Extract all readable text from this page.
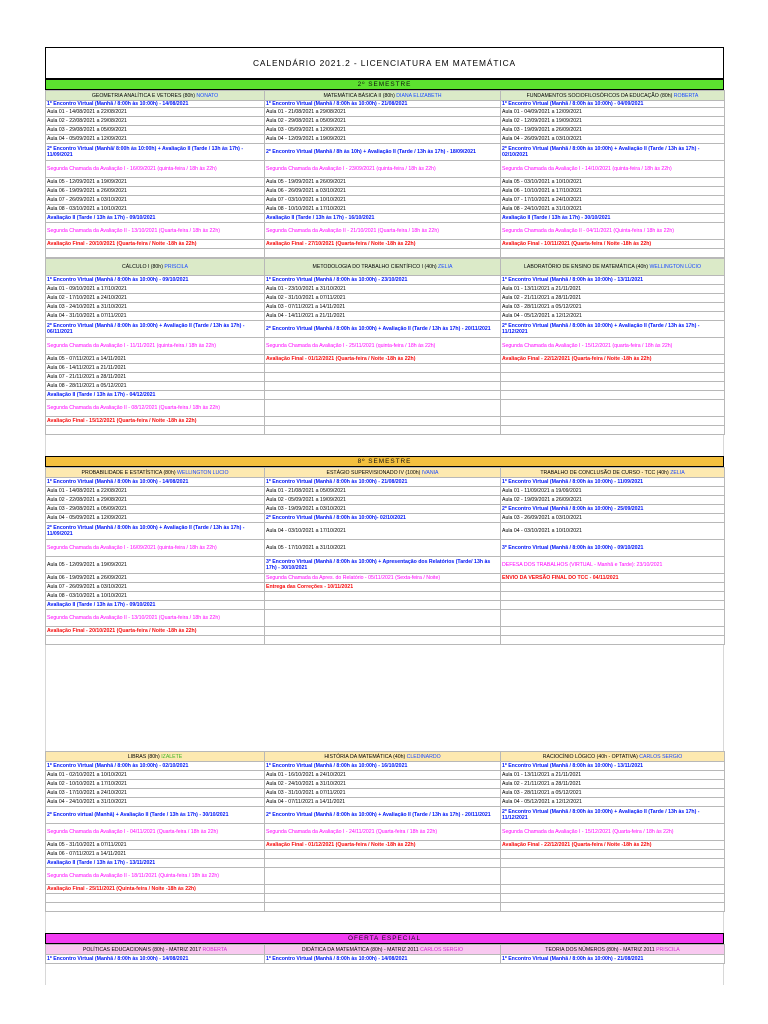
CALENDÁRIO 2021.2 - LICENCIATURA EM MATEMÁTICA
2º SEMESTRE
GEOMETRIA ANALÍTICA E VETORES (80h) NONATO	MATEMÁTICA BÁSICA II (80h) DIANA ELIZABETH	FUNDAMENTOS SOCIOFILOSÓFICOS DA EDUCAÇÃO (80h) ROBERTA
1º Encontro Virtual (Manhã / 8:00h às 10:00h) - 14/08/2021	1º Encontro Virtual (Manhã / 8:00h às 10:00h) - 21/08/2021	1º Encontro Virtual (Manhã / 8:00h às 10:00h) - 04/09/2021
Aula 01 - 14/08/2021 a 22/08/2021	Aula 01 - 21/08/2021 a 29/08/2021	Aula 01 - 04/09/2021 a 12/09/2021
Aula 02 - 22/08/2021 a 29/08/2021	Aula 02 - 29/08/2021 a 05/09/2021	Aula 02 - 12/09/2021 a 19/09/2021
Aula 03 - 29/08/2021 a 05/09/2021	Aula 03 - 05/09/2021 a 12/09/2021	Aula 03 - 19/09/2021 a 26/09/2021
Aula 04 - 05/09/2021 a 12/09/2021	Aula 04 - 12/09/2021 a 19/09/2021	Aula 04 - 26/09/2021 a 03/10/2021
2º Encontro Virtual (Manhã/ 8:00h às 10:00h) + Avaliação II (Tarde / 13h às 17h) - 11/09/2021	2º Encontro Virtual (Manhã / 8h às 10h) + Avaliação II (Tarde / 13h às 17h) - 18/09/2021	2º Encontro Virtual (Manhã / 8:00h às 10:00h) + Avaliação II (Tarde / 13h às 17h) - 02/10/2021
Segunda Chamada da Avaliação I - 16/09/2021 (quinta-feira / 18h às 22h)	Segunda Chamada da Avaliação I - 23/09/2021 (quinta-feira / 18h às 22h)	Segunda Chamada da Avaliação I - 14/10/2021 (quinta-feira / 18h às 22h)
Aula 05 - 12/09/2021 a 19/09/2021	Aula 05 - 19/09/2021 a 26/09/2021	Aula 05 - 03/10/2021 a 10/10/2021
Aula 06 - 19/09/2021 a 26/09/2021	Aula 06 - 26/09/2021 a 03/10/2021	Aula 06 - 10/10/2021 a 17/10/2021
Aula 07 - 26/09/2021 a 03/10/2021	Aula 07 - 03/10/2021 a 10/10/2021	Aula 07 - 17/10/2021 a 24/10/2021
Aula 08 - 03/10/2021 a 10/10/2021	Aula 08 - 10/10/2021 a 17/10/2021	Aula 08 - 24/10/2021 a 31/10/2021
Avaliação II (Tarde / 13h às 17h) - 09/10/2021	Avaliação II (Tarde / 13h às 17h) - 16/10/2021	Avaliação II (Tarde / 13h às 17h) - 30/10/2021
Segunda Chamada da Avaliação II - 13/10/2021 (Quarta-feira / 18h às 22h)	Segunda Chamada da Avaliação II - 21/10/2021 (Quarta-feira / 18h às 22h)	Segunda Chamada da Avaliação II - 04/11/2021 (Quinta-feira / 18h às 22h)
Avaliação Final - 20/10/2021 (Quarta-feira / Noite -18h às 22h)	Avaliação Final - 27/10/2021 (Quarta-feira / Noite -18h às 22h)	Avaliação Final - 10/11/2021 (Quarta-feira / Noite -18h às 22h)

CÁLCULO I (80h) PRISCILA	METODOLOGIA DO TRABALHO CIENTÍFICO I (40h) ZELIA	LABORATÓRIO DE ENSINO DE MATEMÁTICA (40h) WELLINGTON LÚCIO
1º Encontro Virtual (Manhã / 8:00h às 10:00h) - 09/10/2021	1º Encontro Virtual (Manhã / 8:00h às 10:00h) - 23/10/2021	1º Encontro Virtual (Manhã / 8:00h às 10:00h) - 13/11/2021
Aula 01 - 09/10/2021 a 17/10/2021	Aula 01 - 23/10/2021 a 31/10/2021	Aula 01 - 13/11/2021 a 21/11/2021
Aula 02 - 17/10/2021 a 24/10/2021	Aula 02 - 31/10/2021 a 07/11/2021	Aula 02 - 21/11/2021 a 28/11/2021
Aula 03 - 24/10/2021 a 31/10/2021	Aula 03 - 07/11/2021 a 14/11/2021	Aula 03 - 28/11/2021 a 05/12/2021
Aula 04 - 31/10/2021 a 07/11/2021	Aula 04 - 14/11/2021 a 21/11/2021	Aula 04 - 05/12/2021 a 12/12/2021
2º Encontro Virtual (Manhã / 8:00h às 10:00h) + Avaliação II (Tarde / 13h às 17h) - 06/11/2021	2º Encontro Virtual (Manhã / 8:00h às 10:00h) + Avaliação II (Tarde / 13h às 17h) - 20/11/2021	2º Encontro Virtual (Manhã / 8:00h às 10:00h) + Avaliação II (Tarde / 13h às 17h) - 11/12/2021
Segunda Chamada da Avaliação I - 11/11/2021 (quinta-feira / 18h às 22h)	Segunda Chamada da Avaliação I - 25/11/2021 (quinta-feira / 18h às 22h)	Segunda Chamada da Avaliação I - 15/12/2021 (quarta-feira / 18h às 22h)
Aula 05 - 07/11/2021 a 14/11/2021	Avaliação Final - 01/12/2021 (Quarta-feira / Noite -18h às 22h)	Avaliação Final - 22/12/2021 (Quarta-feira / Noite -18h às 22h)
Aula 06 - 14/11/2021 a 21/11/2021		
Aula 07 - 21/11/2021 a 28/11/2021		
Aula 08 - 28/11/2021 a 05/12/2021		
Avaliação II (Tarde / 13h às 17h) - 04/12/2021		
Segunda Chamada da Avaliação II - 08/12/2021 (Quarta-feira / 18h às 22h)		
Avaliação Final - 15/12/2021 (Quarta-feira / Noite -18h às 22h)		

8º SEMESTRE
PROBABILIDADE E ESTATÍSTICA (80h) WELLINGTON LUCIO	ESTÁGIO SUPERVISIONADO IV (100h) IVANIA	TRABALHO DE CONCLUSÃO DE CURSO - TCC (40h) ZELIA
1º Encontro Virtual (Manhã / 8:00h às 10:00h) - 14/08/2021	1º Encontro Virtual (Manhã / 8:00h às 10:00h) - 21/08/2021	1º Encontro Virtual (Manhã / 8:00h às 10:00h) - 11/09/2021
Aula 01 - 14/08/2021 a 22/08/2021	Aula 01 - 21/08/2021 a 05/09/2021	Aula 01 - 11/09/2021 a 19/09/2021
Aula 02 - 22/08/2021 a 29/08/2021	Aula 02 - 05/09/2021 a 19/09/2021	Aula 02 - 19/09/2021 a 26/09/2021
Aula 03 - 29/08/2021 a 05/09/2021	Aula 03 - 19/09/2021 a 03/10/2021	2º Encontro Virtual (Manhã / 8:00h às 10:00h) - 25/09/2021
Aula 04 - 05/09/2021 a 12/09/2021	2º Encontro Virtual (Manhã / 8:00h às 10:00h)- 02/10/2021	Aula 03 - 26/09/2021 a 03/10/2021
2º Encontro Virtual (Manhã / 8:00h às 10:00h) + Avaliação II (Tarde / 13h às 17h) - 11/09/2021	Aula 04 - 03/10/2021 a 17/10/2021	Aula 04 - 03/10/2021 a 10/10/2021
Segunda Chamada da Avaliação I - 16/09/2021 (quinta-feira / 18h às 22h)	Aula 05 - 17/10/2021 a 31/10/2021	3º Encontro Virtual (Manhã / 8:00h às 10:00h) - 09/10/2021
Aula 05 - 12/09/2021 a 19/09/2021	3º Encontro Virtual (Manhã / 8:00h às 10:00h) + Apresentação dos Relatórios (Tarde/ 13h às 17h) - 30/10/2021	DEFESA DOS TRABALHOS (VIRTUAL - Manhã e Tarde): 23/10/2021
Aula 06 - 19/09/2021 a 26/09/2021	Segunda Chamada da Apres. do Relatório - 05/11/2021 (Sexta-feira / Noite)	ENVIO DA VERSÃO FINAL DO TCC - 04/11/2021
Aula 07 - 26/09/2021 a 03/10/2021	Entrega das Correções - 10/11/2021	
Aula 08 - 03/10/2021 a 10/10/2021		
Avaliação II (Tarde / 13h às 17h) - 09/10/2021		
Segunda Chamada da Avaliação II - 13/10/2021 (Quarta-feira / 18h às 22h)		
Avaliação Final - 20/10/2021 (Quarta-feira / Noite -18h às 22h)		

LIBRAS (80h) IZALETE	HISTÓRIA DA MATEMÁTICA (40h) CLEDINARDO	RACIOCÍNIO LÓGICO (40h - OPTATIVA) CARLOS SERGIO
1º Encontro Virtual (Manhã / 8:00h às 10:00h) - 02/10/2021	1º Encontro Virtual (Manhã / 8:00h às 10:00h) - 16/10/2021	1º Encontro Virtual (Manhã / 8:00h às 10:00h) - 13/11/2021
Aula 01 - 02/10/2021 a 10/10/2021	Aula 01 - 16/10/2021 a 24/10/2021	Aula 01 - 13/11/2021 a 21/11/2021
Aula 02 - 10/10/2021 a 17/10/2021	Aula 02 - 24/10/2021 a 31/10/2021	Aula 02 - 21/11/2021 a 28/11/2021
Aula 03 - 17/10/2021 a 24/10/2021	Aula 03 - 31/10/2021 a 07/11/2021	Aula 03 - 28/11/2021 a 05/12/2021
Aula 04 - 24/10/2021 a 31/10/2021	Aula 04 - 07/11/2021 a 14/11/2021	Aula 04 - 05/12/2021 a 12/12/2021
2º Encontro virtual (Manhã) + Avaliação II (Tarde / 13h às 17h) - 30/10/2021	2º Encontro Virtual (Manhã / 8:00h às 10:00h) + Avaliação II (Tarde / 13h às 17h) - 20/11/2021	2º Encontro Virtual (Manhã / 8:00h às 10:00h) + Avaliação II (Tarde / 13h às 17h) - 11/12/2021
Segunda Chamada da Avaliação I - 04/11/2021 (Quarta-feira / 18h às 22h)	Segunda Chamada da Avaliação I - 24/11/2021 (Quarta-feira / 18h às 22h)	Segunda Chamada da Avaliação I - 15/12/2021 (Quarta-feira / 18h às 22h)
Aula 05 - 31/10/2021 a 07/11/2021	Avaliação Final - 01/12/2021 (Quarta-feira / Noite -18h às 22h)	Avaliação Final - 22/12/2021 (Quarta-feira / Noite -18h às 22h)
Aula 06 - 07/11/2021 a 14/11/2021		
Avaliação II (Tarde / 13h às 17h) - 13/11/2021		
Segunda Chamada da Avaliação II - 18/11/2021 (Quinta-feira / 18h às 22h)		
Avaliação Final - 25/11/2021 (Quinta-feira / Noite -18h às 22h)		

OFERTA ESPECIAL
POLÍTICAS EDUCACIONAIS (80h) - MATRIZ 2017 ROBERTA	DIDÁTICA DA MATEMÁTICA (80h) - MATRIZ 2011 CARLOS SERGIO	TEORIA DOS NÚMEROS (80h) - MATRIZ 2011 PRISCILA
1º Encontro Virtual (Manhã / 8:00h às 10:00h) - 14/08/2021	1º Encontro Virtual (Manhã / 8:00h às 10:00h) - 14/08/2021	1º Encontro Virtual (Manhã / 8:00h às 10:00h) - 21/08/2021
